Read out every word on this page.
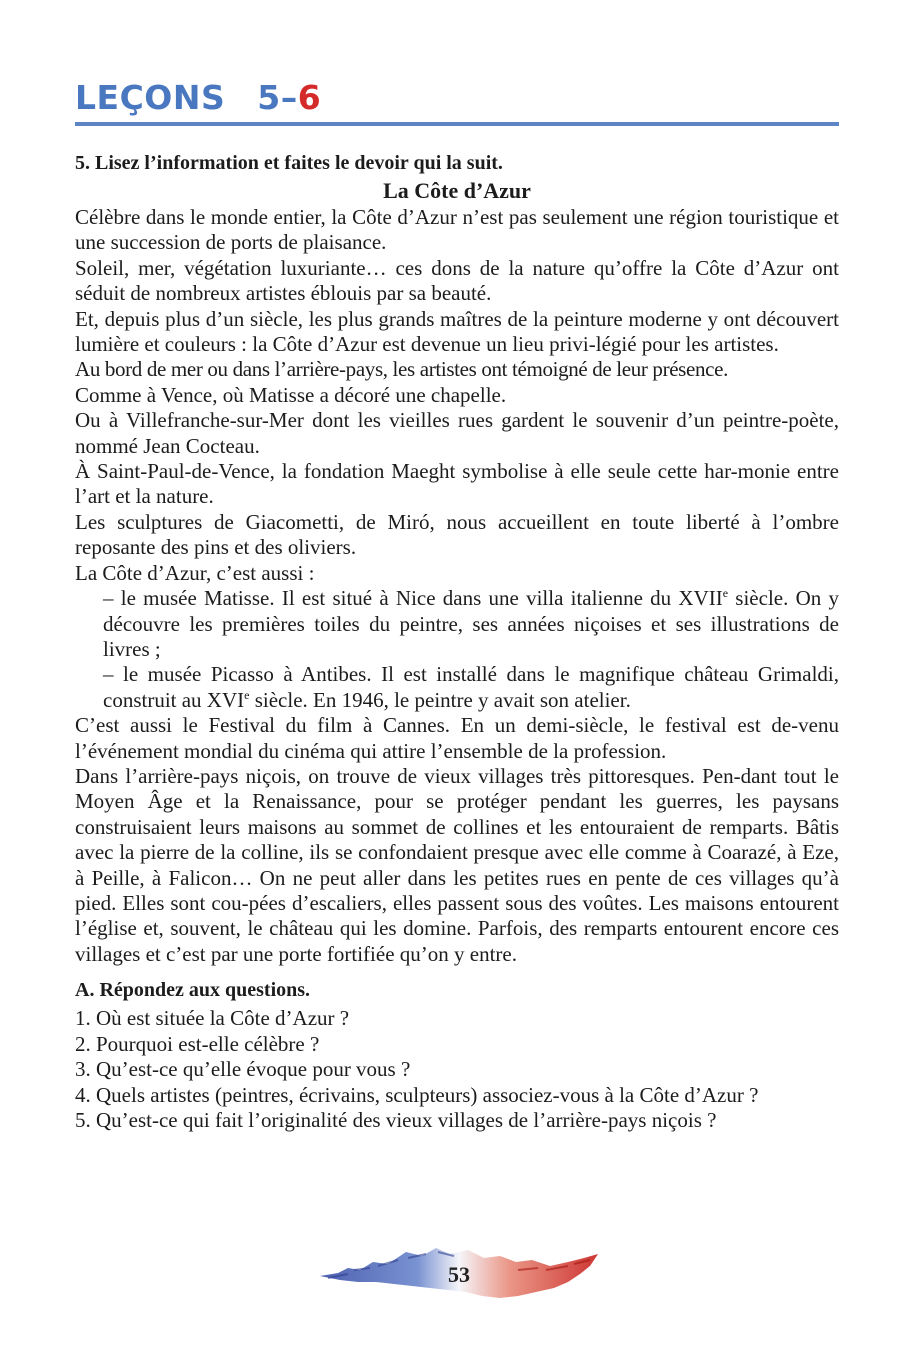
LEÇONS 5–6
5. Lisez l’information et faites le devoir qui la suit.
La Côte d’Azur

Célèbre dans le monde entier, la Côte d’Azur n’est pas seulement une région touristique et une succession de ports de plaisance.

Soleil, mer, végétation luxuriante… ces dons de la nature qu’offre la Côte d’Azur ont séduit de nombreux artistes éblouis par sa beauté.

Et, depuis plus d’un siècle, les plus grands maîtres de la peinture moderne y ont découvert lumière et couleurs : la Côte d’Azur est devenue un lieu privi-légié pour les artistes.

Au bord de mer ou dans l’arrière-pays, les artistes ont témoigné de leur présence.

Comme à Vence, où Matisse a décoré une chapelle.

Ou à Villefranche-sur-Mer dont les vieilles rues gardent le souvenir d’un peintre-poète, nommé Jean Cocteau.

À Saint-Paul-de-Vence, la fondation Maeght symbolise à elle seule cette har-monie entre l’art et la nature.

Les sculptures de Giacometti, de Miró, nous accueillent en toute liberté à l’ombre reposante des pins et des oliviers.

La Côte d’Azur, c’est aussi :

– le musée Matisse. Il est situé à Nice dans une villa italienne du XVIIe siècle. On y découvre les premières toiles du peintre, ses années niçoises et ses illustrations de livres ;

– le musée Picasso à Antibes. Il est installé dans le magnifique château Grimaldi, construit au XVIe siècle. En 1946, le peintre y avait son atelier.

C’est aussi le Festival du film à Cannes. En un demi-siècle, le festival est de-venu l’événement mondial du cinéma qui attire l’ensemble de la profession.

Dans l’arrière-pays niçois, on trouve de vieux villages très pittoresques. Pen-dant tout le Moyen Âge et la Renaissance, pour se protéger pendant les guerres, les paysans construisaient leurs maisons au sommet de collines et les entouraient de remparts. Bâtis avec la pierre de la colline, ils se confondaient presque avec elle comme à Coarazé, à Eze, à Peille, à Falicon… On ne peut aller dans les petites rues en pente de ces villages qu’à pied. Elles sont cou-pées d’escaliers, elles passent sous des voûtes. Les maisons entourent l’église et, souvent, le château qui les domine. Parfois, des remparts entourent encore ces villages et c’est par une porte fortifiée qu’on y entre.

A. Répondez aux questions.

1. Où est située la Côte d’Azur ?

2. Pourquoi est-elle célèbre ?

3. Qu’est-ce qu’elle évoque pour vous ?

4. Quels artistes (peintres, écrivains, sculpteurs) associez-vous à la Côte d’Azur ?

5. Qu’est-ce qui fait l’originalité des vieux villages de l’arrière-pays niçois ?

53
